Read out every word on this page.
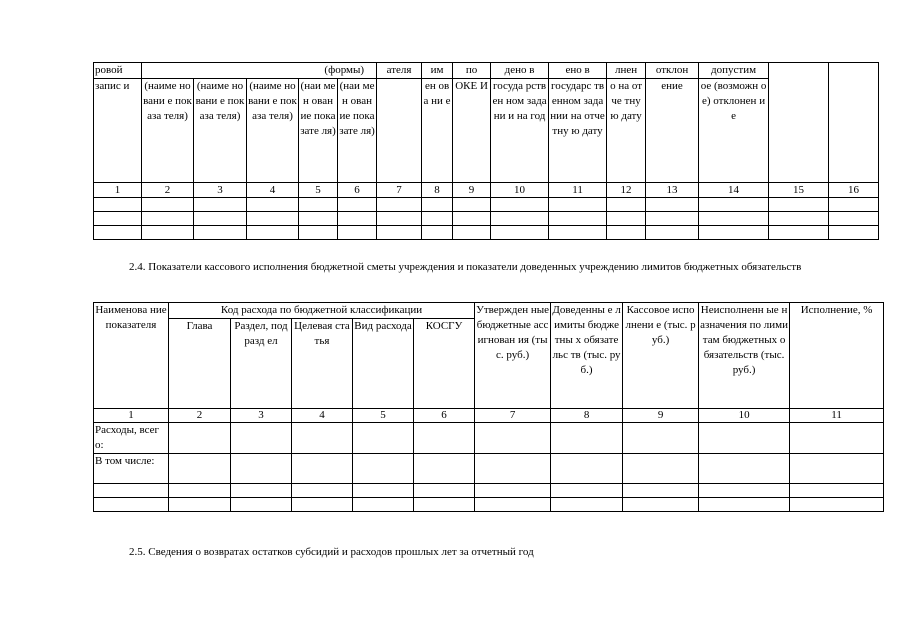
ровой	(формы)					ателя	им	по	дено в	ено в	лнен	отклон	допустим		
запис и	(наиме новани е показа теля)	(наиме новани е показа теля)	(наиме новани е показа теля)	(наи мен ован ие пока зате ля)	(наи мен ован ие пока зате ля)		ен ова ни е	ОКЕ И	госуда рствен ном задани и на год	государс твенном задании на отчетну ю дату	о на отче тну ю дату	ение	ое (возможн ое) отклонен ие		
1	2	3	4	5	6	7	8	9	10	11	12	13	14	15	16

2.4. Показатели кассового исполнения бюджетной сметы учреждения и показатели доведенных учреждению лимитов бюджетных обязательств
Наименова ние показателя	Код расхода по бюджетной классификации					Утвержден ные бюджетные ассигнован ия (тыс. руб.)	Доведенны е лимиты бюджетны х обязательс тв (тыс. руб.)	Кассовое исполнени е (тыс. руб.)	Неисполненн ые назначения по лимитам бюджетных обязательств (тыс. руб.)	Исполнение, %
	Глава	Раздел, подразд ел	Целевая статья	Вид расхода	КОСГУ					
1	2	3	4	5	6	7	8	9	10	11
Расходы, всего:										
В том числе:										

2.5. Сведения о возвратах остатков субсидий и расходов прошлых лет за отчетный год
